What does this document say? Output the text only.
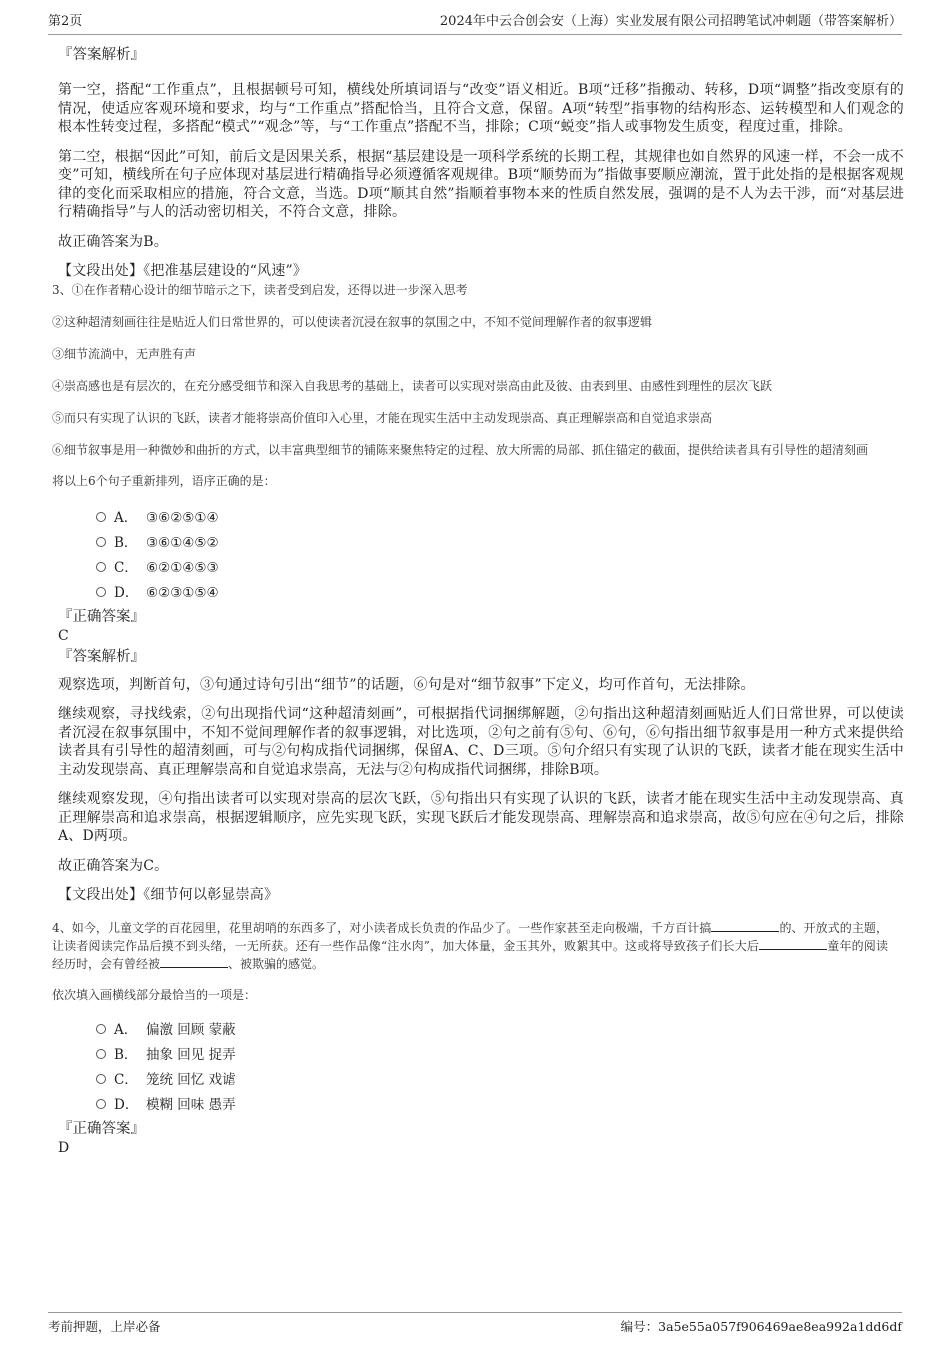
第2页	2024年中云合创会安（上海）实业发展有限公司招聘笔试冲刺题（带答案解析）
『答案解析』

第一空，搭配“工作重点”，且根据顿号可知，横线处所填词语与“改变”语义相近。B项“迁移”指搬动、转移，D项“调整”指改变原有的情况，使适应客观环境和要求，均与“工作重点”搭配恰当，且符合文意，保留。A项“转型”指事物的结构形态、运转模型和人们观念的根本性转变过程，多搭配“模式”“观念”等，与“工作重点”搭配不当，排除；C项“蜕变”指人或事物发生质变，程度过重，排除。

第二空，根据“因此”可知，前后文是因果关系，根据“基层建设是一项科学系统的长期工程，其规律也如自然界的风速一样，不会一成不变”可知，横线所在句子应体现对基层进行精确指导必须遵循客观规律。B项“顺势而为”指做事要顺应潮流，置于此处指的是根据客观规律的变化而采取相应的措施，符合文意，当选。D项“顺其自然”指顺着事物本来的性质自然发展，强调的是不人为去干涉，而“对基层进行精确指导”与人的活动密切相关，不符合文意，排除。

故正确答案为B。

【文段出处】《把准基层建设的“风速”》

3、①在作者精心设计的细节暗示之下，读者受到启发，还得以进一步深入思考

②这种超清刻画往往是贴近人们日常世界的，可以使读者沉浸在叙事的氛围之中，不知不觉间理解作者的叙事逻辑

③细节流淌中，无声胜有声

④崇高感也是有层次的，在充分感受细节和深入自我思考的基础上，读者可以实现对崇高由此及彼、由表到里、由感性到理性的层次飞跃

⑤而只有实现了认识的飞跃，读者才能将崇高价值印入心里，才能在现实生活中主动发现崇高、真正理解崇高和自觉追求崇高

⑥细节叙事是用一种微妙和曲折的方式，以丰富典型细节的铺陈来聚焦特定的过程、放大所需的局部、抓住锚定的截面，提供给读者具有引导性的超清刻画

将以上6个句子重新排列，语序正确的是：

A． ③⑥②⑤①④
B． ③⑥①④⑤②
C． ⑥②①④⑤③
D． ⑥②③①⑤④
『正确答案』
C
『答案解析』

观察选项，判断首句，③句通过诗句引出“细节”的话题，⑥句是对“细节叙事”下定义，均可作首句，无法排除。

继续观察，寻找线索，②句出现指代词“这种超清刻画”，可根据指代词捆绑解题，②句指出这种超清刻画贴近人们日常世界，可以使读者沉浸在叙事氛围中，不知不觉间理解作者的叙事逻辑，对比选项，②句之前有⑤句、⑥句，⑥句指出细节叙事是用一种方式来提供给读者具有引导性的超清刻画，可与②句构成指代词捆绑，保留A、C、D三项。⑤句介绍只有实现了认识的飞跃，读者才能在现实生活中主动发现崇高、真正理解崇高和自觉追求崇高，无法与②句构成指代词捆绑，排除B项。

继续观察发现，④句指出读者可以实现对崇高的层次飞跃，⑤句指出只有实现了认识的飞跃，读者才能在现实生活中主动发现崇高、真正理解崇高和追求崇高，根据逻辑顺序，应先实现飞跃，实现飞跃后才能发现崇高、理解崇高和追求崇高，故⑤句应在④句之后，排除A、D两项。

故正确答案为C。

【文段出处】《细节何以彰显崇高》

4、如今，儿童文学的百花园里，花里胡哨的东西多了，对小读者成长负责的作品少了。一些作家甚至走向极端，千方百计搞	的、开放式的主题，让读者阅读完作品后摸不到头绪，一无所获。还有一些作品像“注水肉”，加大体量，金玉其外，败絮其中。这或将导致孩子们长大后	童年的阅读经历时，会有曾经被	、被欺骗的感觉。

依次填入画横线部分最恰当的一项是：

A． 偏激 回顾 蒙蔽
B． 抽象 回见 捉弄
C． 笼统 回忆 戏谑
D． 模糊 回味 愚弄
『正确答案』
D
考前押题，上岸必备	编号：3a5e55a057f906469ae8ea992a1dd6df
